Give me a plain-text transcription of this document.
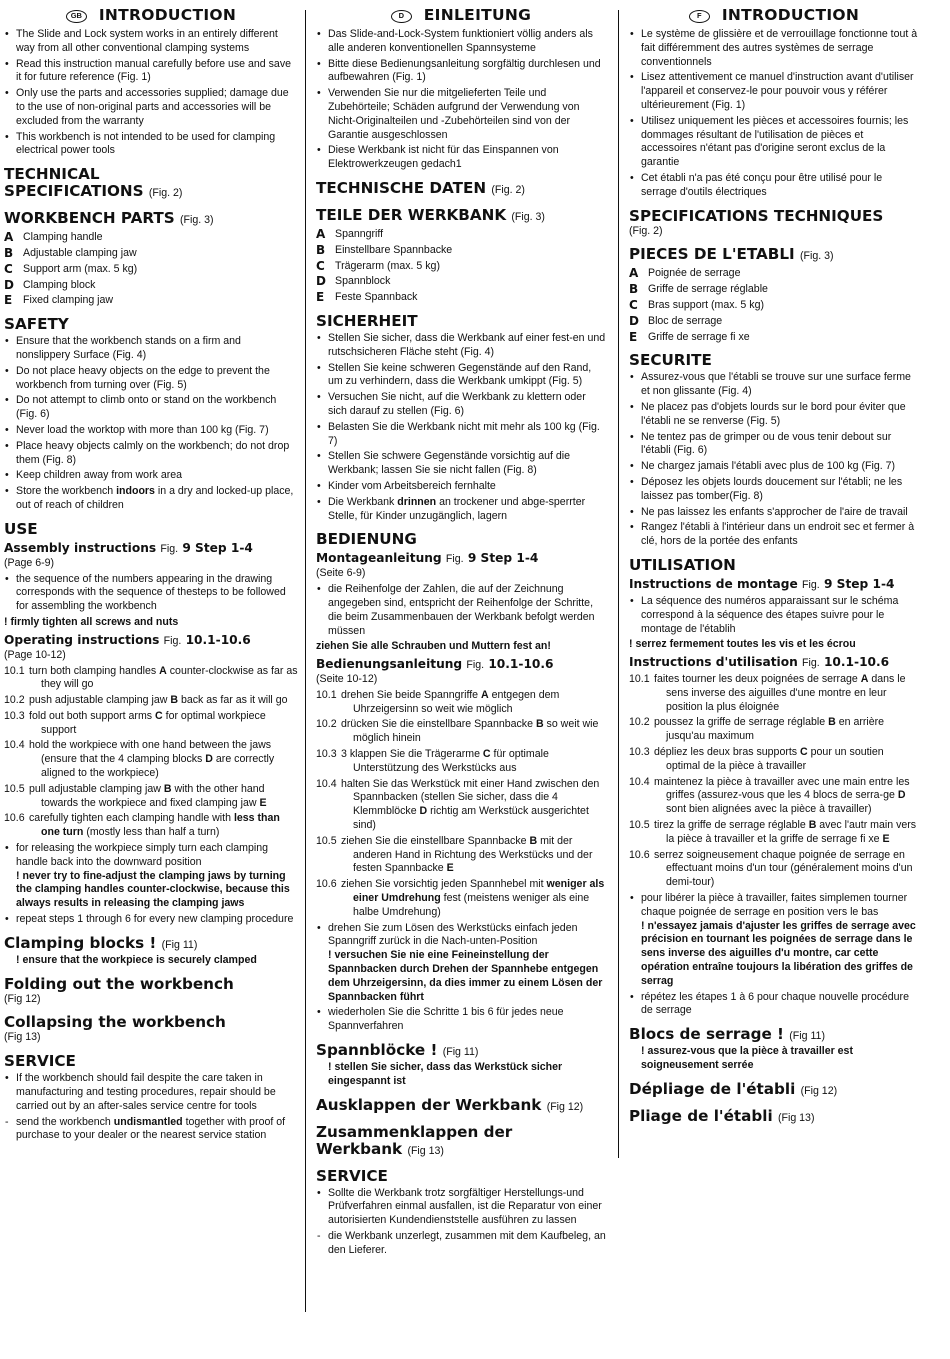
GB	INTRODUCTION
• The Slide and Lock system works in an entirely different way from all other conventional clamping systems
• Read this instruction manual carefully before use and save it for future reference (Fig. 1)
• Only use the parts and accessories supplied; damage due to the use of non-original parts and accessories will be excluded from the warranty
• This workbench is not intended to be used for clamping electrical power tools
TECHNICAL
SPECIFICATIONS (Fig. 2)
WORKBENCH PARTS (Fig. 3)
A Clamping handle
B Adjustable clamping jaw
C Support arm (max. 5 kg)
D Clamping block
E	Fixed clamping jaw
SAFETY
• Ensure that the workbench stands on a firm and nonslippery Surface (Fig. 4)
• Do not place heavy objects on the edge to prevent the workbench from turning over (Fig. 5)
• Do not attempt to climb onto or stand on the workbench (Fig. 6)
• Never load the worktop with more than 100 kg (Fig. 7)
• Place heavy objects calmly on the workbench; do not drop them (Fig. 8)
• Keep children away from work area
• Store the workbench indoors in a dry and locked-up place, out of reach of children
USE
Assembly instructions Fig. 9 Step 1-4
(Page 6-9)
• the sequence of the numbers appearing in the drawing corresponds with the sequence of thesteps to be followed for assembling the workbench
! firmly tighten all screws and nuts
Operating instructions Fig. 10.1-10.6
(Page 10-12)
10.1 turn both clamping handles A counter-clockwise as far as they will go
10.2 push adjustable clamping jaw B back as far as it will go
10.3 fold out both support arms C for optimal workpiece support
10.4 hold the workpiece with one hand between the jaws (ensure that the 4 clamping blocks D are correctly aligned to the workpiece)
10.5 pull adjustable clamping jaw B with the other hand towards the workpiece and fixed clamping jaw E
10.6 carefully tighten each clamping handle with less than one turn (mostly less than half a turn)
• for releasing the workpiece simply turn each clamping handle back into the downward position
! never try to fine-adjust the clamping jaws by turning the clamping handles counter-clockwise, because this always results in releasing the clamping jaws
• repeat steps 1 through 6 for every new clamping procedure
Clamping blocks ! (Fig 11)
! ensure that the workpiece is securely clamped
Folding out the workbench
(Fig 12)
Collapsing the workbench
(Fig 13)
SERVICE
• If the workbench should fail despite the care taken in manufacturing and testing procedures, repair should be carried out by an after-sales service centre for tools
- send the workbench undismantled together with proof of purchase to your dealer or the nearest service station
D	EINLEITUNG
• Das Slide-and-Lock-System funktioniert völlig anders als alle anderen konventionellen Spannsysteme
• Bitte diese Bedienungsanleitung sorgfältig durchlesen und aufbewahren (Fig. 1)
• Verwenden Sie nur die mitgelieferten Teile und Zubehörteile; Schäden aufgrund der Verwendung von Nicht-Originalteilen und -Zubehörteilen sind von der Garantie ausgeschlossen
• Diese Werkbank ist nicht für das Einspannen von Elektrowerkzeugen gedach1
TECHNISCHE DATEN (Fig. 2)
TEILE DER WERKBANK (Fig. 3)
A Spanngriff
B Einstellbare Spannbacke
C Trägerarm (max. 5 kg)
D Spannblock
E	Feste Spannback
SICHERHEIT
• Stellen Sie sicher, dass die Werkbank auf einer fest-en und rutschsicheren Fläche steht (Fig. 4)
• Stellen Sie keine schweren Gegenstände auf den Rand, um zu verhindern, dass die Werkbank umkippt (Fig. 5)
• Versuchen Sie nicht, auf die Werkbank zu klettern oder sich darauf zu stellen (Fig. 6)
• Belasten Sie die Werkbank nicht mit mehr als 100 kg (Fig. 7)
• Stellen Sie schwere Gegenstände vorsichtig auf die Werkbank; lassen Sie sie nicht fallen (Fig. 8)
• Kinder vom Arbeitsbereich fernhalte
• Die Werkbank drinnen an trockener und abge-sperrter Stelle, für Kinder unzugänglich, lagern
BEDIENUNG
Montageanleitung Fig. 9 Step 1-4
(Seite 6-9)
• die Reihenfolge der Zahlen, die auf der Zeichnung angegeben sind, entspricht der Reihenfolge der Schritte, die beim Zusammenbauen der Werkbank befolgt werden müssen
ziehen Sie alle Schrauben und Muttern fest an!
Bedienungsanleitung Fig. 10.1-10.6
(Seite 10-12)
10.1 drehen Sie beide Spanngriffe A entgegen dem Uhrzeigersinn so weit wie möglich
10.2 drücken Sie die einstellbare Spannbacke B so weit wie möglich hinein
10.3 3 klappen Sie die Trägerarme C für optimale Unterstützung des Werkstücks aus
10.4 halten Sie das Werkstück mit einer Hand zwischen den Spannbacken (stellen Sie sicher, dass die 4 Klemmblöcke D richtig am Werkstück ausgerichtet sind)
10.5 ziehen Sie die einstellbare Spannbacke B mit der anderen Hand in Richtung des Werkstücks und der festen Spannbacke E
10.6 ziehen Sie vorsichtig jeden Spannhebel mit weniger als einer Umdrehung fest (meistens weniger als eine halbe Umdrehung)
• drehen Sie zum Lösen des Werkstücks einfach jeden Spanngriff zurück in die Nach-unten-Position
! versuchen Sie nie eine Feineinstellung der Spannbacken durch Drehen der Spannhebe entgegen dem Uhrzeigersinn, da dies immer zu einem Lösen der Spannbacken führt
• wiederholen Sie die Schritte 1 bis 6 für jedes neue Spannverfahren
Spannblöcke ! (Fig 11)
! stellen Sie sicher, dass das Werkstück sicher eingespannt ist
Ausklappen der Werkbank (Fig 12)
Zusammenklappen der
Werkbank (Fig 13)
SERVICE
• Sollte die Werkbank trotz sorgfältiger Herstellungs-und Prüfverfahren einmal ausfallen, ist die Reparatur von einer autorisierten Kundendienststelle ausführen zu lassen
- die Werkbank unzerlegt, zusammen mit dem Kaufbeleg, an den Lieferer.
F	INTRODUCTION
• Le système de glissière et de verrouillage fonctionne tout à fait différemment des autres systèmes de serrage conventionnels
• Lisez attentivement ce manuel d'instruction avant d'utiliser l'appareil et conservez-le pour pouvoir vous y référer ultérieurement (Fig. 1)
• Utilisez uniquement les pièces et accessoires fournis; les dommages résultant de l'utilisation de pièces et accessoires n'étant pas d'origine seront exclus de la garantie
• Cet établi n'a pas été conçu pour être utilisé pour le serrage d'outils électriques
SPECIFICATIONS TECHNIQUES
(Fig. 2)
PIECES DE L'ETABLI (Fig. 3)
A Poignée de serrage
B Griffe de serrage réglable
C Bras support (max. 5 kg)
D Bloc de serrage
E	Griffe de serrage fi xe
SECURITE
• Assurez-vous que l'établi se trouve sur une surface ferme et non glissante (Fig. 4)
• Ne placez pas d'objets lourds sur le bord pour éviter que l'établi ne se renverse (Fig. 5)
• Ne tentez pas de grimper ou de vous tenir debout sur l'établi (Fig. 6)
• Ne chargez jamais l'établi avec plus de 100 kg (Fig. 7)
• Déposez les objets lourds doucement sur l'établi; ne les laissez pas tomber(Fig. 8)
• Ne pas laissez les enfants s'approcher de l'aire de travail
• Rangez l'établi à l'intérieur dans un endroit sec et fermer à clé, hors de la portée des enfants
UTILISATION
Instructions de montage Fig. 9 Step 1-4
• La séquence des numéros apparaissant sur le schéma correspond à la séquence des étapes suivre pour le montage de l'établih
! serrez fermement toutes les vis et les écrou
Instructions d'utilisation Fig. 10.1-10.6
10.1 faites tourner les deux poignées de serrage A dans le sens inverse des aiguilles d'une montre en leur position la plus éloignée
10.2 poussez la griffe de serrage réglable B en arrière jusqu'au maximum
10.3 dépliez les deux bras supports C pour un soutien optimal de la pièce à travailler
10.4 maintenez la pièce à travailler avec une main entre les griffes (assurez-vous que les 4 blocs de serra-ge D sont bien alignées avec la pièce à travailler)
10.5 tirez la griffe de serrage réglable B avec l'autr main vers la pièce à travailler et la griffe de serrage fi xe E
10.6 serrez soigneusement chaque poignée de serrage en effectuant moins d'un tour (généralement moins d'un demi-tour)
• pour libérer la pièce à travailler, faites simplemen tourner chaque poignée de serrage en position vers le bas
! n'essayez jamais d'ajuster les griffes de serrage avec précision en tournant les poignées de serrage dans le sens inverse des aiguilles d'u montre, car cette opération entraîne toujours la libération des griffes de serrag
• répétez les étapes 1 à 6 pour chaque nouvelle procédure de serrage
Blocs de serrage ! (Fig 11)
! assurez-vous que la pièce à travailler est soigneusement serrée
Dépliage de l'établi (Fig 12)
Pliage de l'établi (Fig 13)
